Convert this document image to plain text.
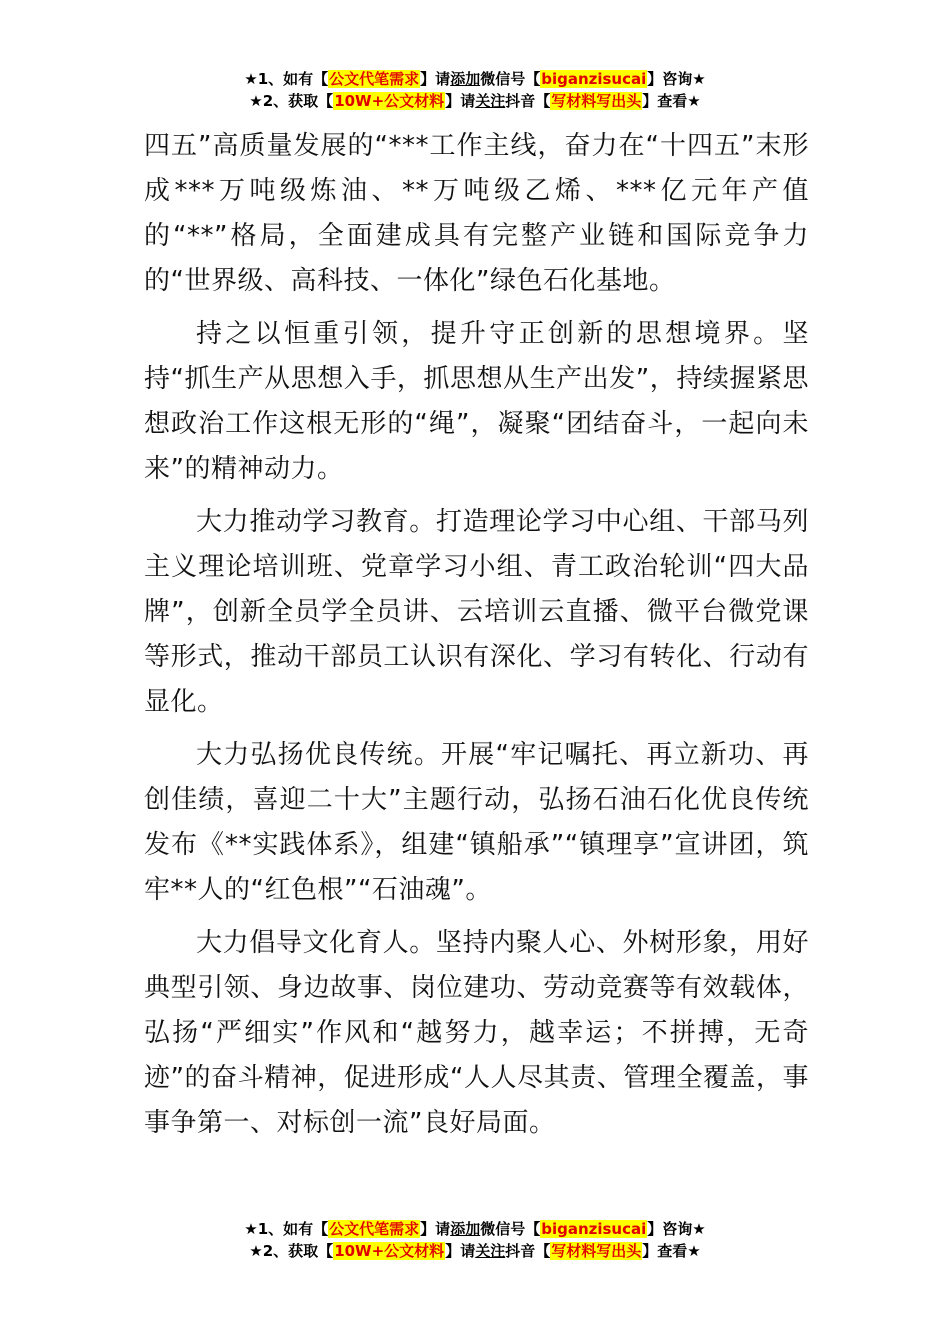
★1、如有【公文代笔需求】请添加微信号【biganzisucai】咨询★
★2、获取【10W+公文材料】请关注抖音【写材料写出头】查看★

四五”高质量发展的“***工作主线，奋力在“十四五”末形成***万吨级炼油、**万吨级乙烯、***亿元年产值的“**”格局，全面建成具有完整产业链和国际竞争力的“世界级、高科技、一体化”绿色石化基地。

持之以恒重引领，提升守正创新的思想境界。坚持“抓生产从思想入手，抓思想从生产出发”，持续握紧思想政治工作这根无形的“绳”，凝聚“团结奋斗，一起向未来”的精神动力。

大力推动学习教育。打造理论学习中心组、干部马列主义理论培训班、党章学习小组、青工政治轮训“四大品牌”，创新全员学全员讲、云培训云直播、微平台微党课等形式，推动干部员工认识有深化、学习有转化、行动有显化。

大力弘扬优良传统。开展“牢记嘱托、再立新功、再创佳绩，喜迎二十大”主题行动，弘扬石油石化优良传统发布《**实践体系》，组建“镇船承”“镇理享”宣讲团，筑牢**人的“红色根”“石油魂”。

大力倡导文化育人。坚持内聚人心、外树形象，用好典型引领、身边故事、岗位建功、劳动竞赛等有效载体，弘扬“严细实”作风和“越努力，越幸运；不拼搏，无奇迹”的奋斗精神，促进形成“人人尽其责、管理全覆盖，事事争第一、对标创一流”良好局面。

★1、如有【公文代笔需求】请添加微信号【biganzisucai】咨询★
★2、获取【10W+公文材料】请关注抖音【写材料写出头】查看★
